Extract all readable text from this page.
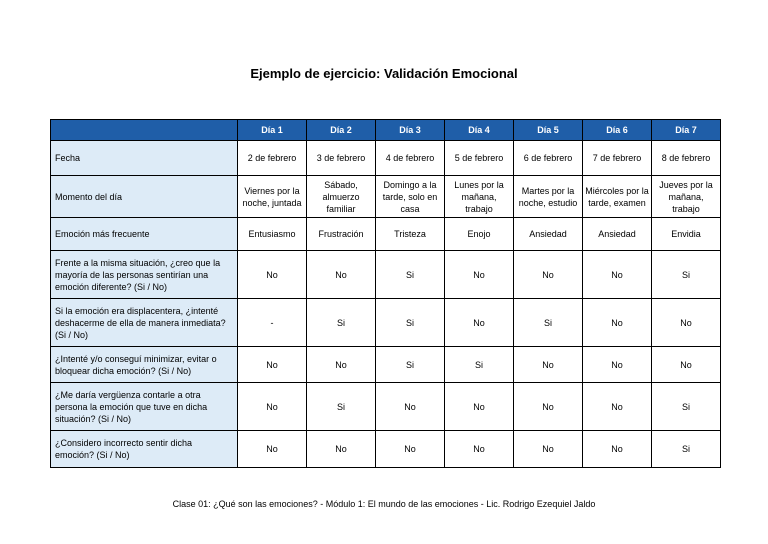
Ejemplo de ejercicio: Validación Emocional
	Día 1	Día 2	Día 3	Día 4	Día 5	Día 6	Día 7
Fecha	2 de febrero	3 de febrero	4 de febrero	5 de febrero	6 de febrero	7 de febrero	8 de febrero
Momento del día	Viernes por la noche, juntada	Sábado, almuerzo familiar	Domingo a la tarde, solo en casa	Lunes por la mañana, trabajo	Martes por la noche, estudio	Miércoles por la tarde, examen	Jueves por la mañana, trabajo
Emoción más frecuente	Entusiasmo	Frustración	Tristeza	Enojo	Ansiedad	Ansiedad	Envidia
Frente a la misma situación, ¿creo que la mayoría de las personas sentirían una emoción diferente? (Si / No)	No	No	Si	No	No	No	Si
Si la emoción era displacentera, ¿intenté deshacerme de ella de manera inmediata? (Si / No)	-	Si	Si	No	Si	No	No
¿Intenté y/o conseguí minimizar, evitar o bloquear dicha emoción? (Si / No)	No	No	Si	Si	No	No	No
¿Me daría vergüenza contarle a otra persona la emoción que tuve en dicha situación? (Si / No)	No	Si	No	No	No	No	Si
¿Considero incorrecto sentir dicha emoción? (Si / No)	No	No	No	No	No	No	Si
Clase 01: ¿Qué son las emociones? - Módulo 1: El mundo de las emociones - Lic. Rodrigo Ezequiel Jaldo
